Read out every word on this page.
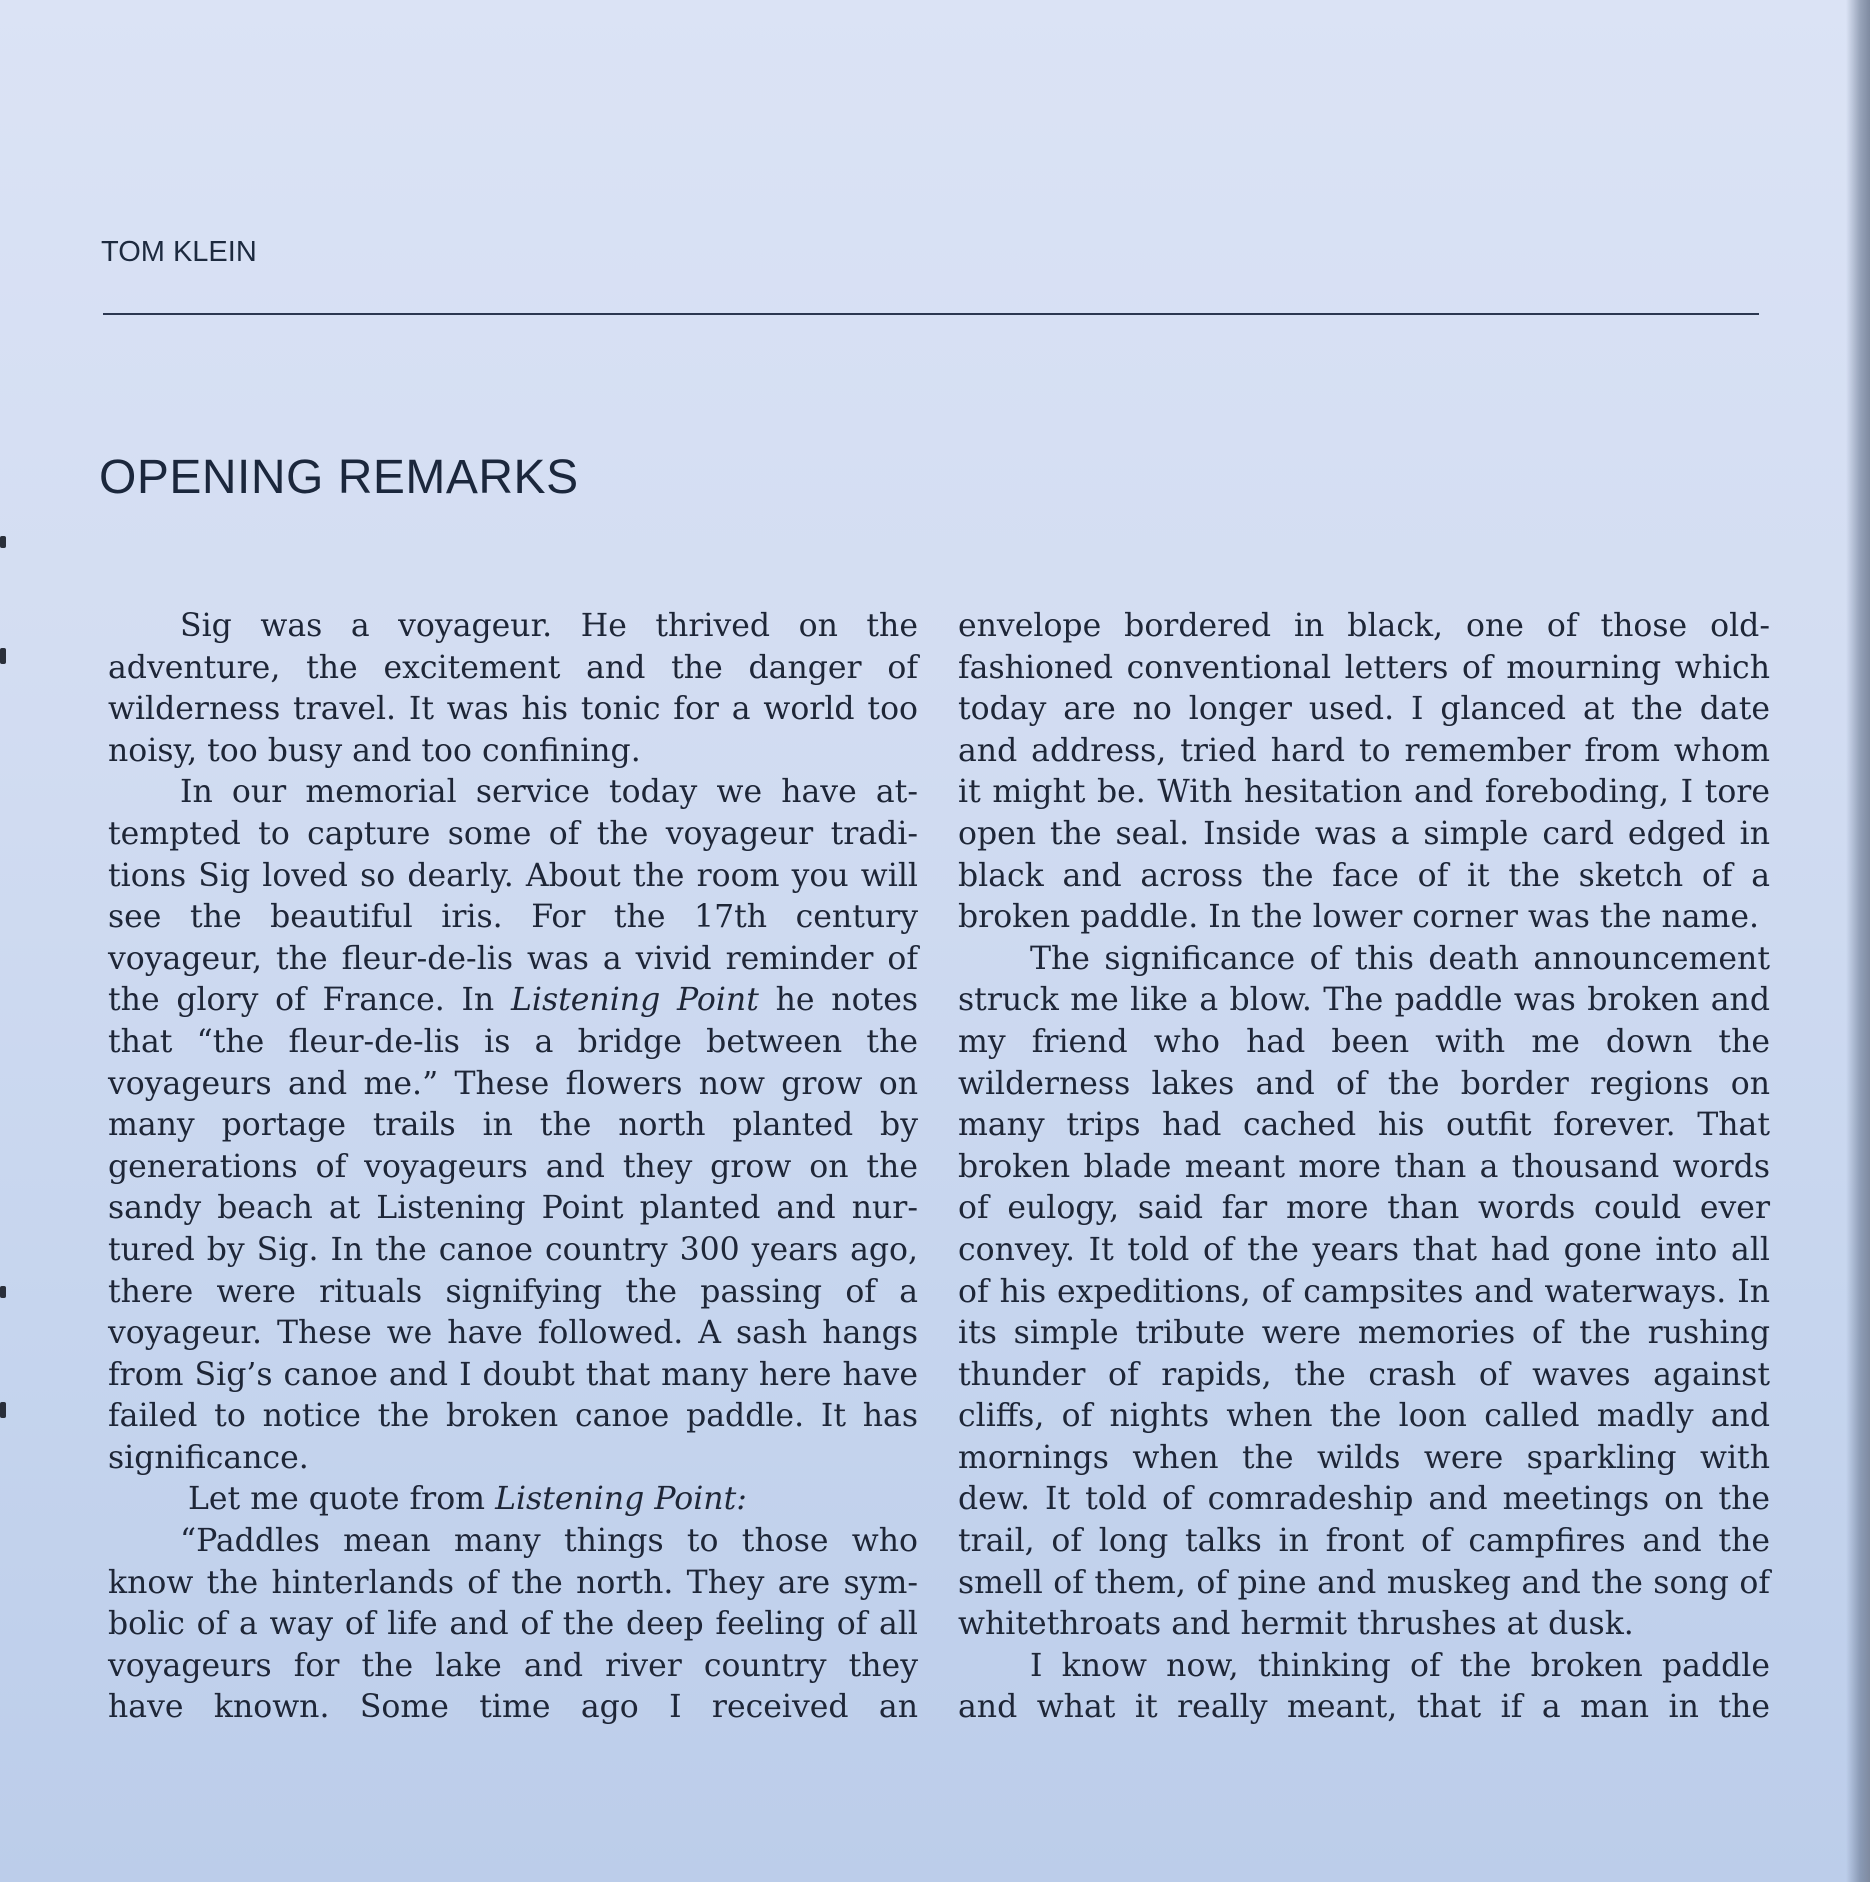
TOM KLEIN
OPENING REMARKS

Sig was a voyageur. He thrived on the adventure, the excitement and the danger of wilderness travel. It was his tonic for a world too noisy, too busy and too confining.

In our memorial service today we have attempted to capture some of the voyageur traditions Sig loved so dearly. About the room you will see the beautiful iris. For the 17th century voyageur, the fleur-de-lis was a vivid reminder of the glory of France. In Listening Point he notes that “the fleur-de-lis is a bridge between the voyageurs and me.” These flowers now grow on many portage trails in the north planted by generations of voyageurs and they grow on the sandy beach at Listening Point planted and nurtured by Sig. In the canoe country 300 years ago, there were rituals signifying the passing of a voyageur. These we have followed. A sash hangs from Sig’s canoe and I doubt that many here have failed to notice the broken canoe paddle. It has significance.

Let me quote from Listening Point:

“Paddles mean many things to those who know the hinterlands of the north. They are symbolic of a way of life and of the deep feeling of all voyageurs for the lake and river country they have known. Some time ago I received an

envelope bordered in black, one of those old-fashioned conventional letters of mourning which today are no longer used. I glanced at the date and address, tried hard to remember from whom it might be. With hesitation and foreboding, I tore open the seal. Inside was a simple card edged in black and across the face of it the sketch of a broken paddle. In the lower corner was the name.

The significance of this death announcement struck me like a blow. The paddle was broken and my friend who had been with me down the wilderness lakes and of the border regions on many trips had cached his outfit forever. That broken blade meant more than a thousand words of eulogy, said far more than words could ever convey. It told of the years that had gone into all of his expeditions, of campsites and waterways. In its simple tribute were memories of the rushing thunder of rapids, the crash of waves against cliffs, of nights when the loon called madly and mornings when the wilds were sparkling with dew. It told of comradeship and meetings on the trail, of long talks in front of campfires and the smell of them, of pine and muskeg and the song of whitethroats and hermit thrushes at dusk.

I know now, thinking of the broken paddle and what it really meant, that if a man in the
